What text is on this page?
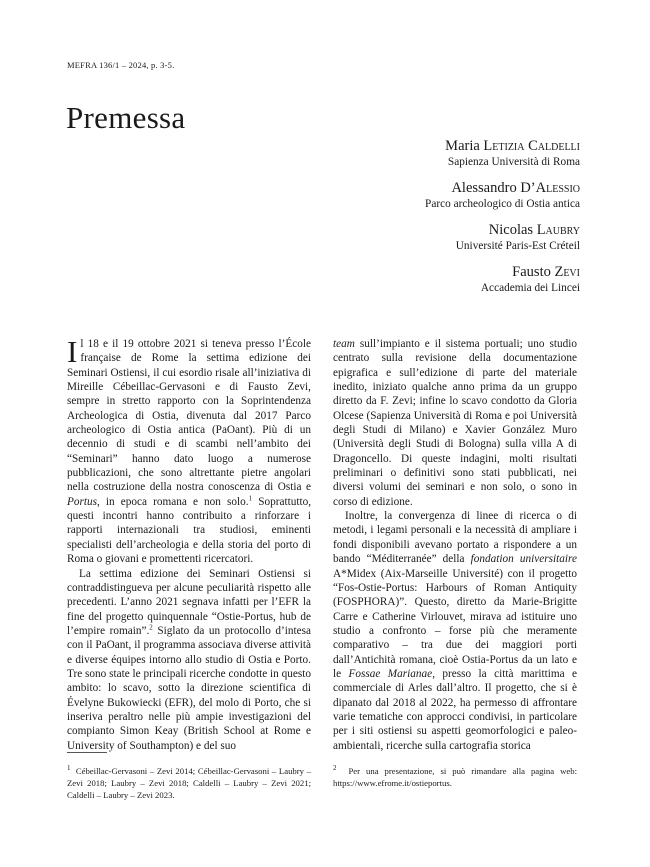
MEFRA 136/1 – 2024, p. 3-5.
Premessa
Maria Letizia Caldelli
Sapienza Università di Roma
Alessandro D’Alessio
Parco archeologico di Ostia antica
Nicolas Laubry
Université Paris-Est Créteil
Fausto Zevi
Accademia dei Lincei

Il 18 e il 19 ottobre 2021 si teneva presso l’École française de Rome la settima edizione dei Seminari Ostiensi, il cui esordio risale all’iniziativa di Mireille Cébeillac-Gervasoni e di Fausto Zevi, sempre in stretto rapporto con la Soprintendenza Archeologica di Ostia, divenuta dal 2017 Parco archeologico di Ostia antica (PaOant). Più di un decennio di studi e di scambi nell’ambito dei “Seminari” hanno dato luogo a numerose pubblicazioni, che sono altrettante pietre angolari nella costruzione della nostra conoscenza di Ostia e Portus, in epoca romana e non solo.$^1$ Soprattutto, questi incontri hanno contribuito a rinforzare i rapporti internazionali tra studiosi, eminenti specialisti dell’archeologia e della storia del porto di Roma o giovani e promettenti ricercatori.

La settima edizione dei Seminari Ostiensi si contraddistingueva per alcune peculiarità rispetto alle precedenti. L’anno 2021 segnava infatti per l’EFR la fine del progetto quinquennale “Ostie-Portus, hub de l’empire romain”.$^2$ Siglato da un protocollo d’intesa con il PaOant, il programma associava diverse attività e diverse équipes intorno allo studio di Ostia e Porto. Tre sono state le principali ricerche condotte in questo ambito: lo scavo, sotto la direzione scientifica di Évelyne Bukowiecki (EFR), del molo di Porto, che si inseriva peraltro nelle più ampie investigazioni del compianto Simon Keay (British School at Rome e University of Southampton) e del suo

team sull’impianto e il sistema portuali; uno studio centrato sulla revisione della documentazione epigrafica e sull’edizione di parte del materiale inedito, iniziato qualche anno prima da un gruppo diretto da F. Zevi; infine lo scavo condotto da Gloria Olcese (Sapienza Università di Roma e poi Università degli Studi di Milano) e Xavier González Muro (Università degli Studi di Bologna) sulla villa A di Dragoncello. Di queste indagini, molti risultati preliminari o definitivi sono stati pubblicati, nei diversi volumi dei seminari e non solo, o sono in corso di edizione.

Inoltre, la convergenza di linee di ricerca o di metodi, i legami personali e la necessità di ampliare i fondi disponibili avevano portato a rispondere a un bando “Méditerranée” della fondation universitaire A*Midex (Aix-Marseille Université) con il progetto “Fos-Ostie-Portus: Harbours of Roman Antiquity (FOSPHORA)”. Questo, diretto da Marie-Brigitte Carre e Catherine Virlouvet, mirava ad istituire uno studio a confronto – forse più che meramente comparativo – tra due dei maggiori porti dall’Antichità romana, cioè Ostia-Portus da un lato e le Fossae Marianae, presso la città marittima e commerciale di Arles dall’altro. Il progetto, che si è dipanato dal 2018 al 2022, ha permesso di affrontare varie tematiche con approcci condivisi, in particolare per i siti ostiensi su aspetti geomorfologici e paleo-ambientali, ricerche sulla cartografia storica

$^1$ Cébeillac-Gervasoni – Zevi 2014; Cébeillac-Gervasoni – Laubry – Zevi 2018; Laubry – Zevi 2018; Caldelli – Laubry – Zevi 2021; Caldelli – Laubry – Zevi 2023.
$^2$ Per una presentazione, si può rimandare alla pagina web: https://www.efrome.it/ostieportus.
